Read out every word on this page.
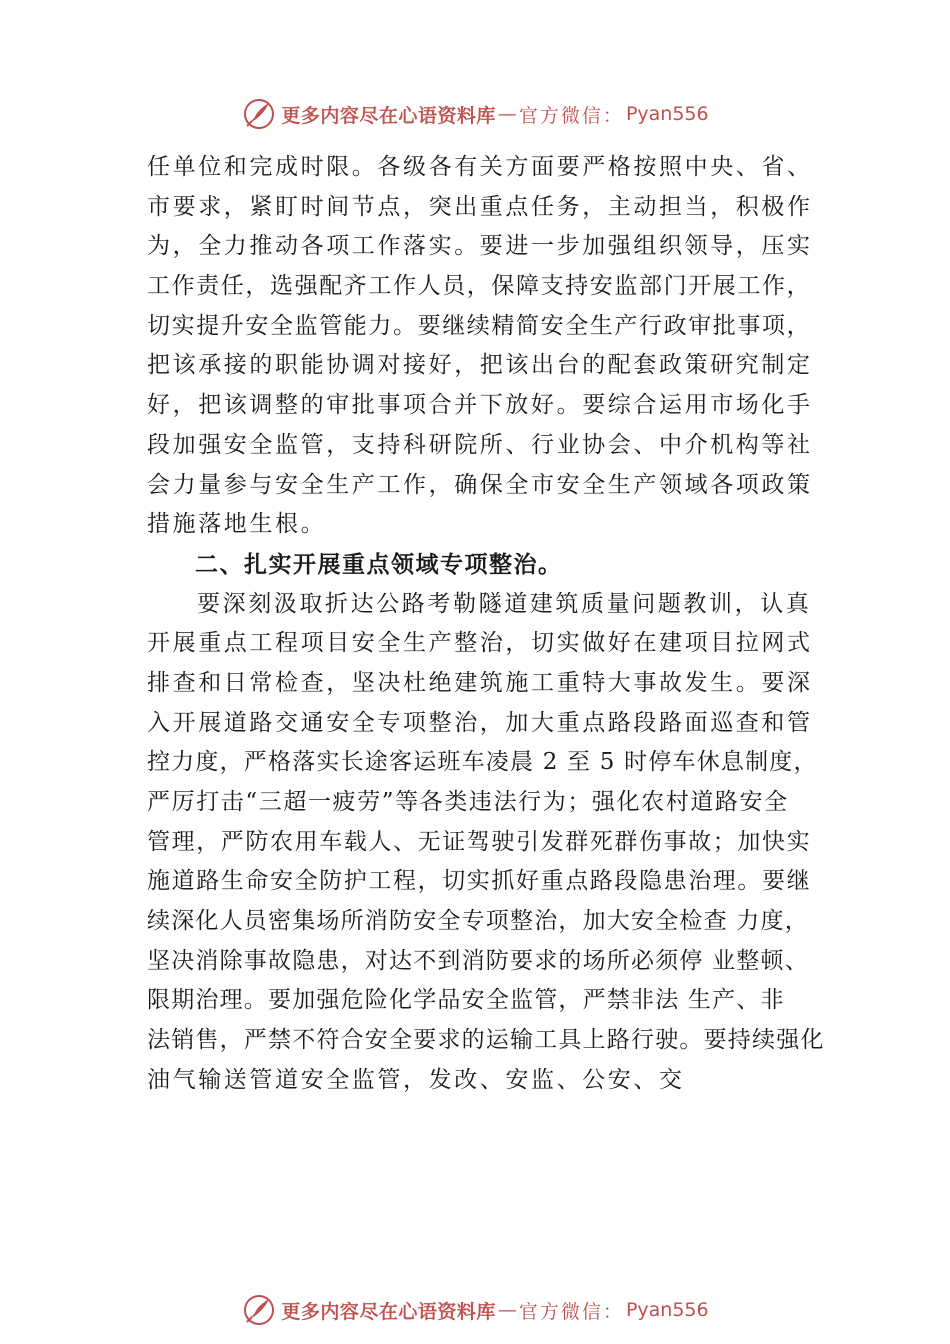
更多内容尽在心语资料库 — 官方微信： Pyan556
任单位和完成时限。各级各有关方面要严格按照中央、省、
市要求，紧盯时间节点，突出重点任务，主动担当，积极作
为，全力推动各项工作落实。要进一步加强组织领导，压实
工作责任，选强配齐工作人员，保障支持安监部门开展工作，
切实提升安全监管能力。要继续精简安全生产行政审批事项，
把该承接的职能协调对接好，把该出台的配套政策研究制定
好，把该调整的审批事项合并下放好。要综合运用市场化手
段加强安全监管，支持科研院所、行业协会、中介机构等社
会力量参与安全生产工作，确保全市安全生产领域各项政策
措施落地生根。
二、扎实开展重点领域专项整治。
要深刻汲取折达公路考勒隧道建筑质量问题教训，认真
开展重点工程项目安全生产整治，切实做好在建项目拉网式
排查和日常检查，坚决杜绝建筑施工重特大事故发生。要深
入开展道路交通安全专项整治，加大重点路段路面巡查和管
控力度，严格落实长途客运班车凌晨 2 至 5 时停车休息制度，
严厉打击“三超一疲劳”等各类违法行为；强化农村道路安全
管理，严防农用车载人、无证驾驶引发群死群伤事故；加快实
施道路生命安全防护工程，切实抓好重点路段隐患治理。要继
续深化人员密集场所消防安全专项整治，加大安全检查 力度，
坚决消除事故隐患，对达不到消防要求的场所必须停 业整顿、
限期治理。要加强危险化学品安全监管，严禁非法 生产、非
法销售，严禁不符合安全要求的运输工具上路行驶。要持续强化
油气输送管道安全监管，发改、安监、公安、交
更多内容尽在心语资料库 — 官方微信： Pyan556
